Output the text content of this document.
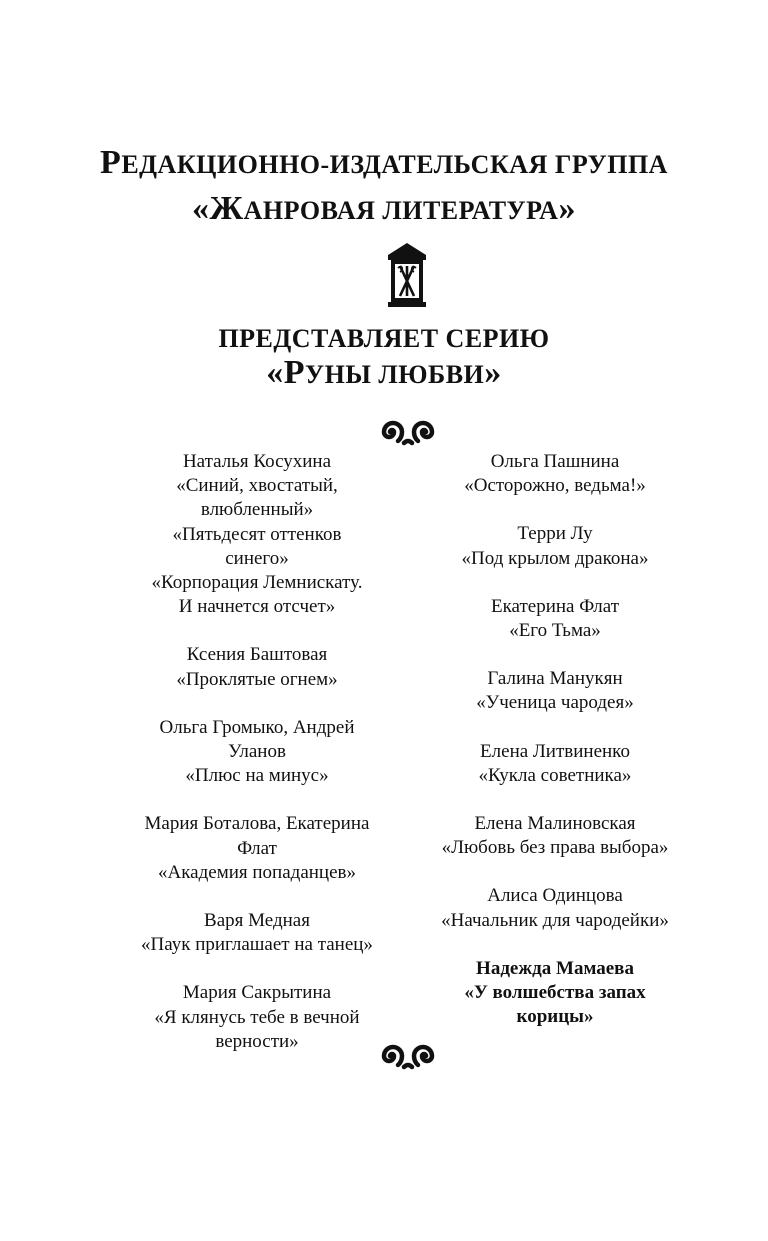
РЕДАКЦИОННО-ИЗДАТЕЛЬСКАЯ ГРУППА
«ЖАНРОВАЯ ЛИТЕРАТУРА»
ПРЕДСТАВЛЯЕТ СЕРИЮ
«РУНЫ ЛЮБВИ»
Наталья Косухина
«Синий, хвостатый,
влюбленный»
«Пятьдесят оттенков
синего»
«Корпорация Лемнискату.
И начнется отсчет»
Ксения Баштовая
«Проклятые огнем»
Ольга Громыко, Андрей
Уланов
«Плюс на минус»
Мария Боталова, Екатерина
Флат
«Академия попаданцев»
Варя Медная
«Паук приглашает на танец»
Мария Сакрытина
«Я клянусь тебе в вечной
верности»
Ольга Пашнина
«Осторожно, ведьма!»
Терри Лу
«Под крылом дракона»
Екатерина Флат
«Его Тьма»
Галина Манукян
«Ученица чародея»
Елена Литвиненко
«Кукла советника»
Елена Малиновская
«Любовь без права выбора»
Алиса Одинцова
«Начальник для чародейки»
Надежда Мамаева
«У волшебства запах
корицы»
